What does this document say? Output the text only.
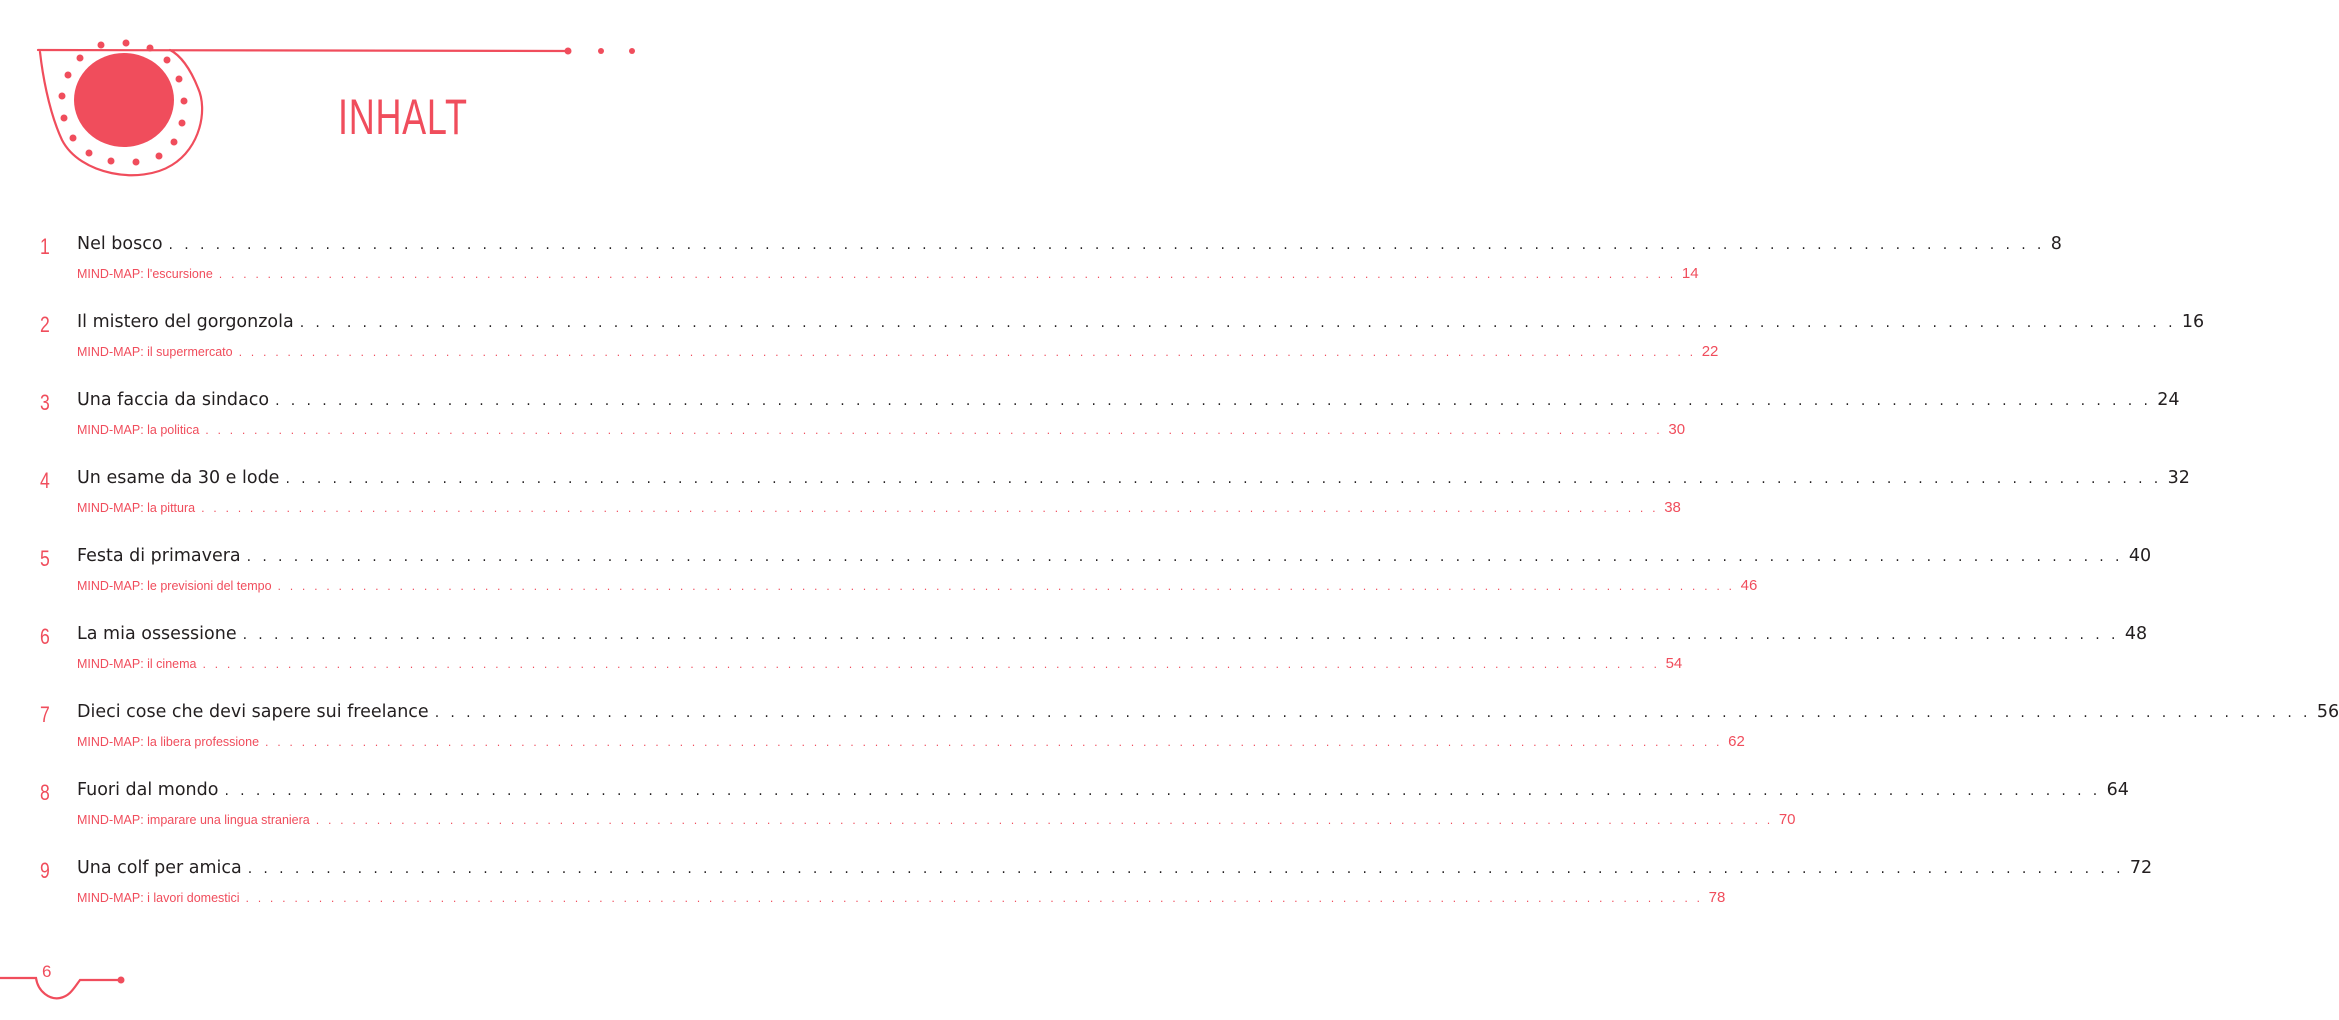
INHALT
1 Nel bosco . . . . . . . . . . . . . . . . . . . . . . . . . . . . . . . . . . . . . . . . . . . . . . . . . . . . . . . . . . . . . . . . . . . . . . . . . . . . . . . . . . . . . . . . . . . . . . . . . . . . . . . . . . . . . . . . . . . . . . . . 8
MIND-MAP: l'escursione . . . . . . . . . . . . . . . . . . . . . . . . . . . . . . . . . . . . . . . . . . . . . . . . . . . . . . . . . . . . . . . . . . . . . . . . . . . . . . . . . . . . . . . . . . . . . . . . . . . . . . . . . . . . . . . . . . . . . . . . 14
2 Il mistero del gorgonzola . . . . . . . . . . . . . . . . . . . . . . . . . . . . . . . . . . . . . . . . . . . . . . . . . . . . . . . . . . . . . . . . . . . . . . . . . . . . . . . . . . . . . . . . . . . . . . . . . . . . . . . . . . . . . . . . . . . . . . . . 16
MIND-MAP: il supermercato . . . . . . . . . . . . . . . . . . . . . . . . . . . . . . . . . . . . . . . . . . . . . . . . . . . . . . . . . . . . . . . . . . . . . . . . . . . . . . . . . . . . . . . . . . . . . . . . . . . . . . . . . . . . . . . . . . . . . . . . 22
3 Una faccia da sindaco . . . . . . . . . . . . . . . . . . . . . . . . . . . . . . . . . . . . . . . . . . . . . . . . . . . . . . . . . . . . . . . . . . . . . . . . . . . . . . . . . . . . . . . . . . . . . . . . . . . . . . . . . . . . . . . . . . . . . . . . 24
MIND-MAP: la politica . . . . . . . . . . . . . . . . . . . . . . . . . . . . . . . . . . . . . . . . . . . . . . . . . . . . . . . . . . . . . . . . . . . . . . . . . . . . . . . . . . . . . . . . . . . . . . . . . . . . . . . . . . . . . . . . . . . . . . . . 30
4 Un esame da 30 e lode . . . . . . . . . . . . . . . . . . . . . . . . . . . . . . . . . . . . . . . . . . . . . . . . . . . . . . . . . . . . . . . . . . . . . . . . . . . . . . . . . . . . . . . . . . . . . . . . . . . . . . . . . . . . . . . . . . . . . . . . 32
MIND-MAP: la pittura . . . . . . . . . . . . . . . . . . . . . . . . . . . . . . . . . . . . . . . . . . . . . . . . . . . . . . . . . . . . . . . . . . . . . . . . . . . . . . . . . . . . . . . . . . . . . . . . . . . . . . . . . . . . . . . . . . . . . . . . 38
5 Festa di primavera . . . . . . . . . . . . . . . . . . . . . . . . . . . . . . . . . . . . . . . . . . . . . . . . . . . . . . . . . . . . . . . . . . . . . . . . . . . . . . . . . . . . . . . . . . . . . . . . . . . . . . . . . . . . . . . . . . . . . . . . 40
MIND-MAP: le previsioni del tempo . . . . . . . . . . . . . . . . . . . . . . . . . . . . . . . . . . . . . . . . . . . . . . . . . . . . . . . . . . . . . . . . . . . . . . . . . . . . . . . . . . . . . . . . . . . . . . . . . . . . . . . . . . . . . . . . . . . . . . . . 46
6 La mia ossessione . . . . . . . . . . . . . . . . . . . . . . . . . . . . . . . . . . . . . . . . . . . . . . . . . . . . . . . . . . . . . . . . . . . . . . . . . . . . . . . . . . . . . . . . . . . . . . . . . . . . . . . . . . . . . . . . . . . . . . . . 48
MIND-MAP: il cinema . . . . . . . . . . . . . . . . . . . . . . . . . . . . . . . . . . . . . . . . . . . . . . . . . . . . . . . . . . . . . . . . . . . . . . . . . . . . . . . . . . . . . . . . . . . . . . . . . . . . . . . . . . . . . . . . . . . . . . . . 54
7 Dieci cose che devi sapere sui freelance . . . . . . . . . . . . . . . . . . . . . . . . . . . . . . . . . . . . . . . . . . . . . . . . . . . . . . . . . . . . . . . . . . . . . . . . . . . . . . . . . . . . . . . . . . . . . . . . . . . . . . . . . . . . . . . . . . . . . . . . 56
MIND-MAP: la libera professione . . . . . . . . . . . . . . . . . . . . . . . . . . . . . . . . . . . . . . . . . . . . . . . . . . . . . . . . . . . . . . . . . . . . . . . . . . . . . . . . . . . . . . . . . . . . . . . . . . . . . . . . . . . . . . . . . . . . . . . . 62
8 Fuori dal mondo . . . . . . . . . . . . . . . . . . . . . . . . . . . . . . . . . . . . . . . . . . . . . . . . . . . . . . . . . . . . . . . . . . . . . . . . . . . . . . . . . . . . . . . . . . . . . . . . . . . . . . . . . . . . . . . . . . . . . . . . 64
MIND-MAP: imparare una lingua straniera . . . . . . . . . . . . . . . . . . . . . . . . . . . . . . . . . . . . . . . . . . . . . . . . . . . . . . . . . . . . . . . . . . . . . . . . . . . . . . . . . . . . . . . . . . . . . . . . . . . . . . . . . . . . . . . . . . . . . . . . 70
9 Una colf per amica . . . . . . . . . . . . . . . . . . . . . . . . . . . . . . . . . . . . . . . . . . . . . . . . . . . . . . . . . . . . . . . . . . . . . . . . . . . . . . . . . . . . . . . . . . . . . . . . . . . . . . . . . . . . . . . . . . . . . . . . 72
MIND-MAP: i lavori domestici . . . . . . . . . . . . . . . . . . . . . . . . . . . . . . . . . . . . . . . . . . . . . . . . . . . . . . . . . . . . . . . . . . . . . . . . . . . . . . . . . . . . . . . . . . . . . . . . . . . . . . . . . . . . . . . . . . . . . . . . 78
6
